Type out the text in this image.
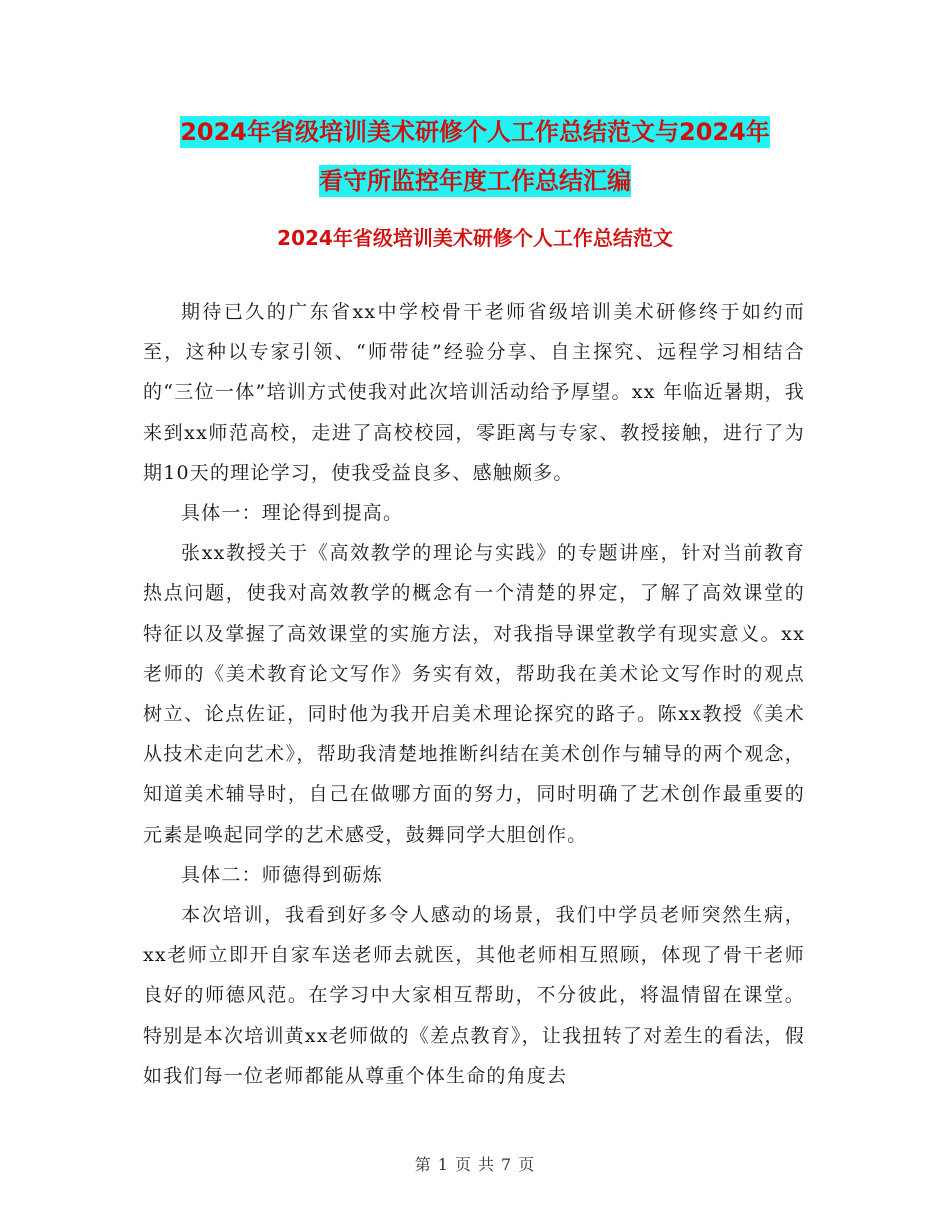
2024年省级培训美术研修个人工作总结范文与2024年
看守所监控年度工作总结汇编
2024年省级培训美术研修个人工作总结范文

期待已久的广东省xx中学校骨干老师省级培训美术研修终于如约而至，这种以专家引领、“师带徒”经验分享、自主探究、远程学习相结合的“三位一体”培训方式使我对此次培训活动给予厚望。xx 年临近暑期，我来到xx师范高校，走进了高校校园，零距离与专家、教授接触，进行了为期10天的理论学习，使我受益良多、感触颇多。

具体一：理论得到提高。

张xx教授关于《高效教学的理论与实践》的专题讲座，针对当前教育热点问题，使我对高效教学的概念有一个清楚的界定，了解了高效课堂的特征以及掌握了高效课堂的实施方法，对我指导课堂教学有现实意义。xx老师的《美术教育论文写作》务实有效，帮助我在美术论文写作时的观点树立、论点佐证，同时他为我开启美术理论探究的路子。陈xx教授《美术从技术走向艺术》，帮助我清楚地推断纠结在美术创作与辅导的两个观念，知道美术辅导时，自己在做哪方面的努力，同时明确了艺术创作最重要的元素是唤起同学的艺术感受，鼓舞同学大胆创作。

具体二：师德得到砺炼

本次培训，我看到好多令人感动的场景，我们中学员老师突然生病，xx老师立即开自家车送老师去就医，其他老师相互照顾，体现了骨干老师良好的师德风范。在学习中大家相互帮助，不分彼此，将温情留在课堂。特别是本次培训黄xx老师做的《差点教育》，让我扭转了对差生的看法，假如我们每一位老师都能从尊重个体生命的角度去

第 1 页 共 7 页
